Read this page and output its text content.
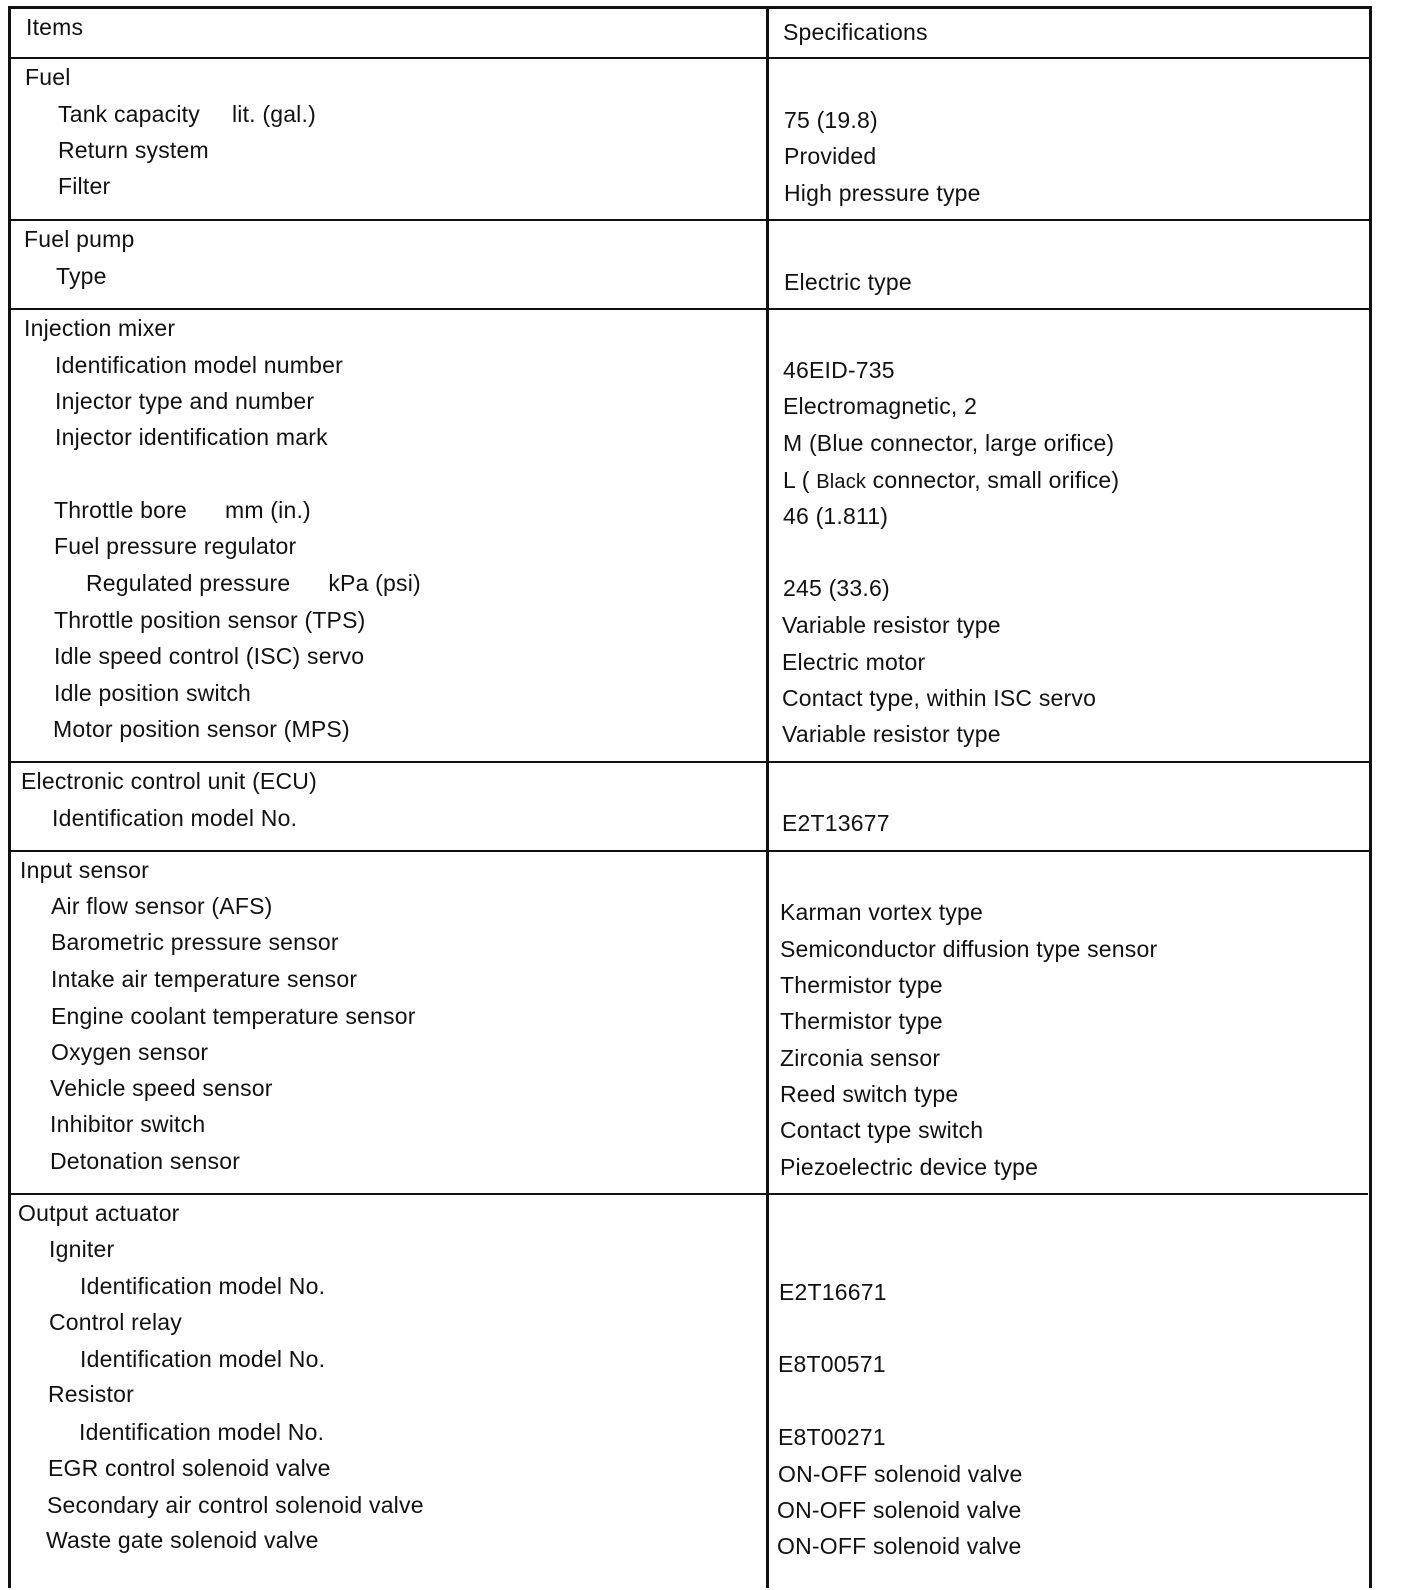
Items	Specifications
Fuel
Tank capacity lit. (gal.)	75 (19.8)
Return system	Provided
Filter	High pressure type
Fuel pump
Type	Electric type
Injection mixer
Identification model number	46EID-735
Injector type and number	Electromagnetic, 2
Injector identification mark	M (Blue connector, large orifice)
L ( Black connector, small orifice)
Throttle bore mm (in.)	46 (1.811)
Fuel pressure regulator
Regulated pressure kPa (psi)	245 (33.6)
Throttle position sensor (TPS)	Variable resistor type
Idle speed control (ISC) servo	Electric motor
Idle position switch	Contact type, within ISC servo
Motor position sensor (MPS)	Variable resistor type
Electronic control unit (ECU)
Identification model No.	E2T13677
Input sensor
Air flow sensor (AFS)	Karman vortex type
Barometric pressure sensor	Semiconductor diffusion type sensor
Intake air temperature sensor	Thermistor type
Engine coolant temperature sensor	Thermistor type
Oxygen sensor	Zirconia sensor
Vehicle speed sensor	Reed switch type
Inhibitor switch	Contact type switch
Detonation sensor	Piezoelectric device type
Output actuator
Igniter
Identification model No.	E2T16671
Control relay
Identification model No.	E8T00571
Resistor
Identification model No.	E8T00271
EGR control solenoid valve	ON-OFF solenoid valve
Secondary air control solenoid valve	ON-OFF solenoid valve
Waste gate solenoid valve	ON-OFF solenoid valve
